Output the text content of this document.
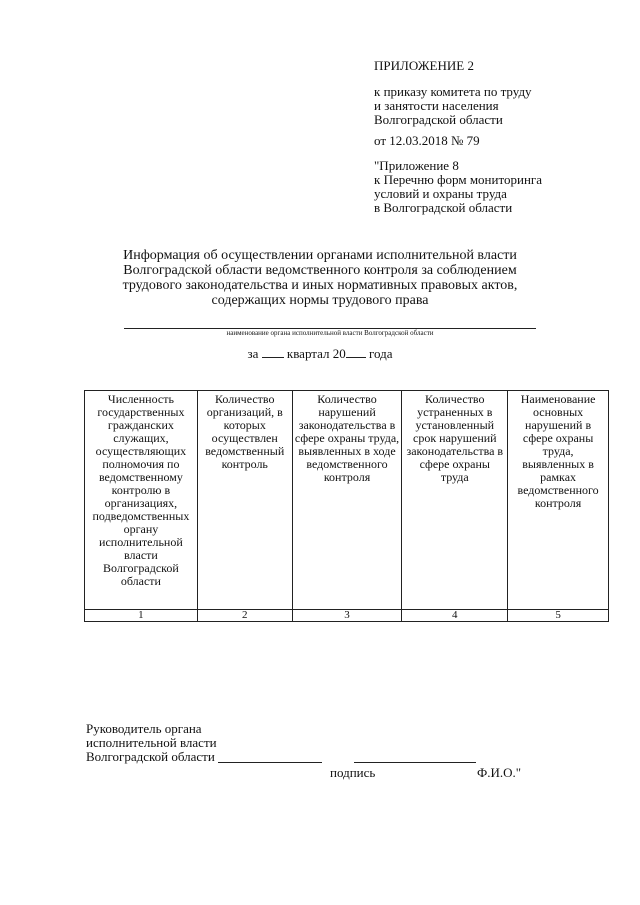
ПРИЛОЖЕНИЕ 2
к приказу комитета по труду
и занятости населения
Волгоградской области
от 12.03.2018 № 79
"Приложение 8
к Перечню форм мониторинга
условий и охраны труда
в Волгоградской области
Информация об осуществлении органами исполнительной власти
Волгоградской области ведомственного контроля за соблюдением
трудового законодательства и иных нормативных правовых актов,
содержащих нормы трудового права
наименование органа исполнительной власти Волгоградской области
за квартал 20 года
Численность государственных гражданских служащих, осуществляющих полномочия по ведомственному контролю в организациях, подведомственных органу исполнительной власти Волгоградской области	Количество организаций, в которых осуществлен ведомственный контроль	Количество нарушений законодательства в сфере охраны труда, выявленных в ходе ведомственного контроля	Количество устраненных в установленный срок нарушений законодательства в сфере охраны труда	Наименование основных нарушений в сфере охраны труда, выявленных в рамках ведомственного контроля
1	2	3	4	5
Руководитель органа
исполнительной власти
Волгоградской области
подпись	Ф.И.О."
